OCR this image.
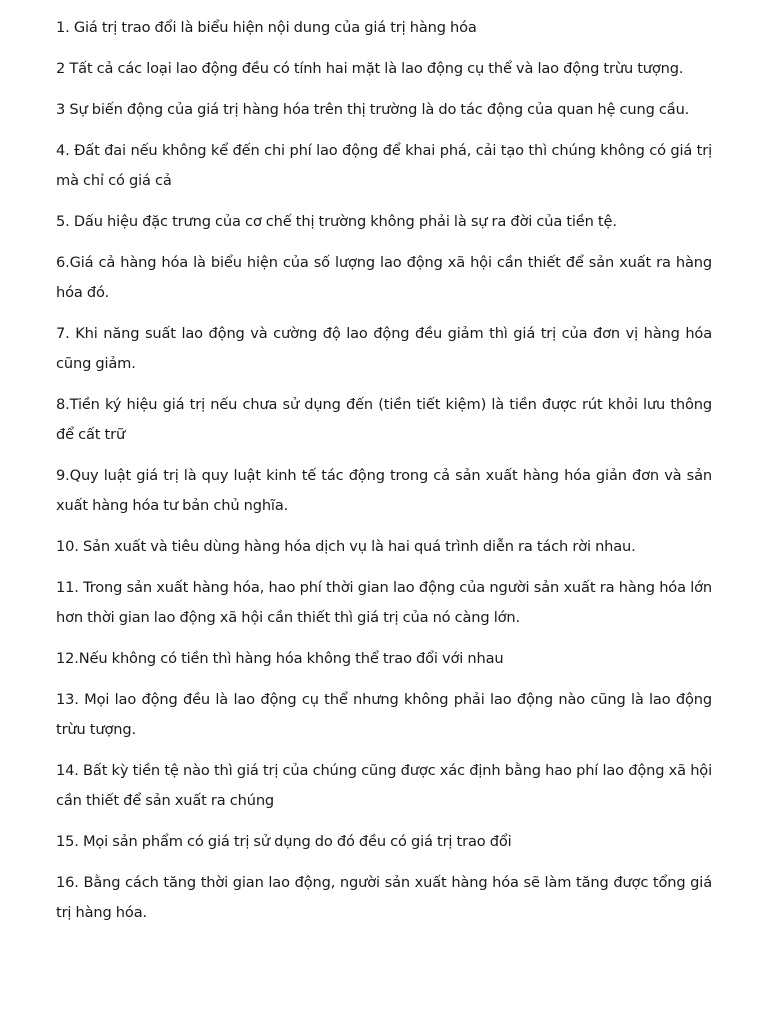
1. Giá trị trao đổi là biểu hiện nội dung của giá trị hàng hóa

2 Tất cả các loại lao động đều có tính hai mặt là lao động cụ thể và lao động trừu tượng.

3 Sự biến động của giá trị hàng hóa trên thị trường là do tác động của quan hệ cung cầu.

4. Đất đai nếu không kể đến chi phí lao động để khai phá, cải tạo thì chúng không có giá trị mà chỉ có giá cả

5. Dấu hiệu đặc trưng của cơ chế thị trường không phải là sự ra đời của tiền tệ.

6.Giá cả hàng hóa là biểu hiện của số lượng lao động xã hội cần thiết để sản xuất ra hàng hóa đó.

7. Khi năng suất lao động và cường độ lao động đều giảm thì giá trị của đơn vị hàng hóa cũng giảm.

8.Tiền ký hiệu giá trị nếu chưa sử dụng đến (tiền tiết kiệm) là tiền được rút khỏi lưu thông để cất trữ

9.Quy luật giá trị là quy luật kinh tế tác động trong cả sản xuất hàng hóa giản đơn và sản xuất hàng hóa tư bản chủ nghĩa.

10. Sản xuất và tiêu dùng hàng hóa dịch vụ là hai quá trình diễn ra tách rời nhau.

11. Trong sản xuất hàng hóa, hao phí thời gian lao động của người sản xuất ra hàng hóa lớn hơn thời gian lao động xã hội cần thiết thì giá trị của nó càng lớn.

12.Nếu không có tiền thì hàng hóa không thể trao đổi với nhau

13. Mọi lao động đều là lao động cụ thể nhưng không phải lao động nào cũng là lao động trừu tượng.

14. Bất kỳ tiền tệ nào thì giá trị của chúng cũng được xác định bằng hao phí lao động xã hội cần thiết để sản xuất ra chúng

15. Mọi sản phẩm có giá trị sử dụng do đó đều có giá trị trao đổi

16. Bằng cách tăng thời gian lao động, người sản xuất hàng hóa sẽ làm tăng được tổng giá trị hàng hóa.
